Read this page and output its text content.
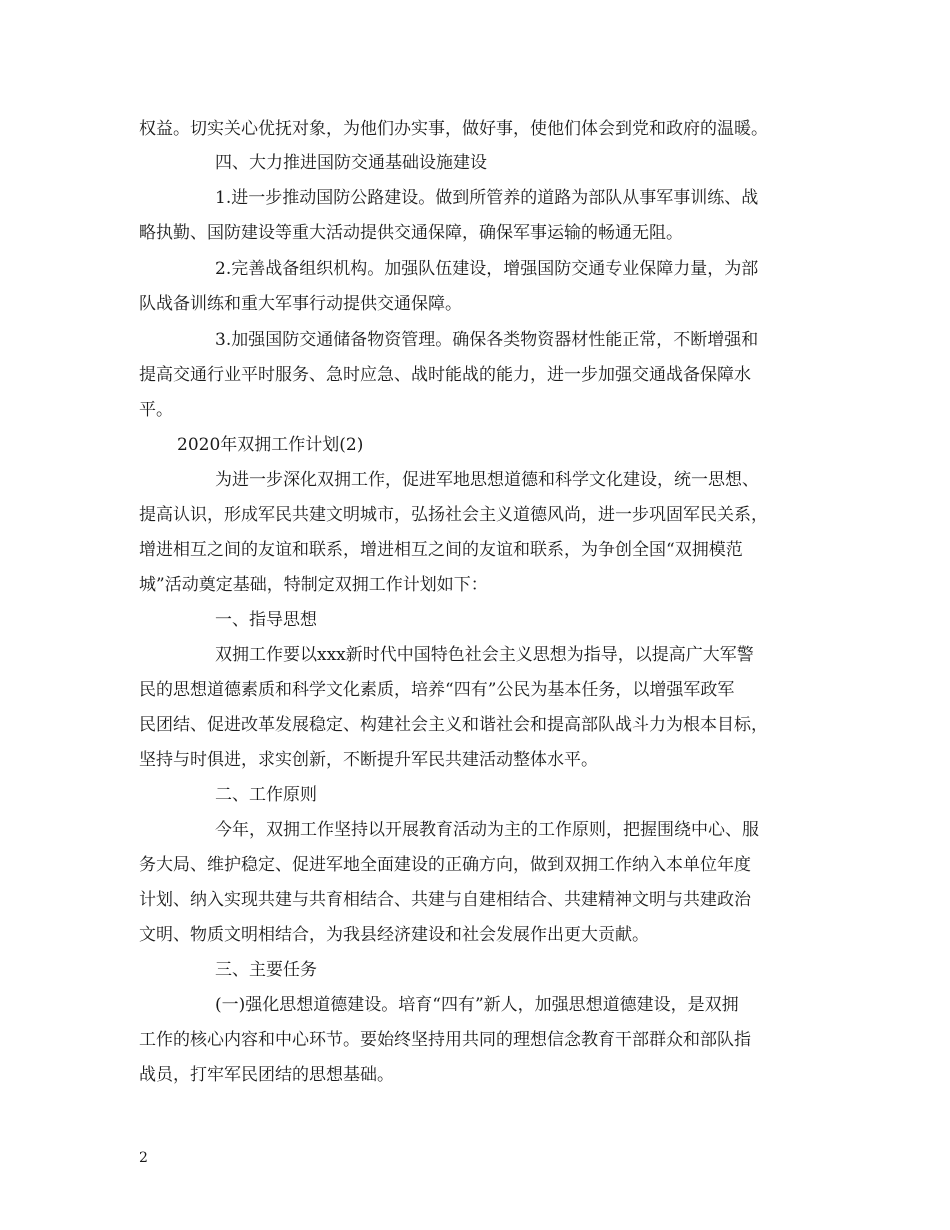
权益。切实关心优抚对象，为他们办实事，做好事，使他们体会到党和政府的温暖。
四、大力推进国防交通基础设施建设
1.进一步推动国防公路建设。做到所管养的道路为部队从事军事训练、战
略执勤、国防建设等重大活动提供交通保障，确保军事运输的畅通无阻。
2.完善战备组织机构。加强队伍建设，增强国防交通专业保障力量，为部
队战备训练和重大军事行动提供交通保障。
3.加强国防交通储备物资管理。确保各类物资器材性能正常，不断增强和
提高交通行业平时服务、急时应急、战时能战的能力，进一步加强交通战备保障水
平。
2020年双拥工作计划(2)
为进一步深化双拥工作，促进军地思想道德和科学文化建设，统一思想、
提高认识，形成军民共建文明城市，弘扬社会主义道德风尚，进一步巩固军民关系，
增进相互之间的友谊和联系，增进相互之间的友谊和联系，为争创全国“双拥模范
城”活动奠定基础，特制定双拥工作计划如下：
一、指导思想
双拥工作要以xxx新时代中国特色社会主义思想为指导，以提高广大军警
民的思想道德素质和科学文化素质，培养“四有”公民为基本任务，以增强军政军
民团结、促进改革发展稳定、构建社会主义和谐社会和提高部队战斗力为根本目标，
坚持与时俱进，求实创新，不断提升军民共建活动整体水平。
二、工作原则
今年，双拥工作坚持以开展教育活动为主的工作原则，把握围绕中心、服
务大局、维护稳定、促进军地全面建设的正确方向，做到双拥工作纳入本单位年度
计划、纳入实现共建与共育相结合、共建与自建相结合、共建精神文明与共建政治
文明、物质文明相结合，为我县经济建设和社会发展作出更大贡献。
三、主要任务
(一)强化思想道德建设。培育“四有”新人，加强思想道德建设，是双拥
工作的核心内容和中心环节。要始终坚持用共同的理想信念教育干部群众和部队指
战员，打牢军民团结的思想基础。
2
